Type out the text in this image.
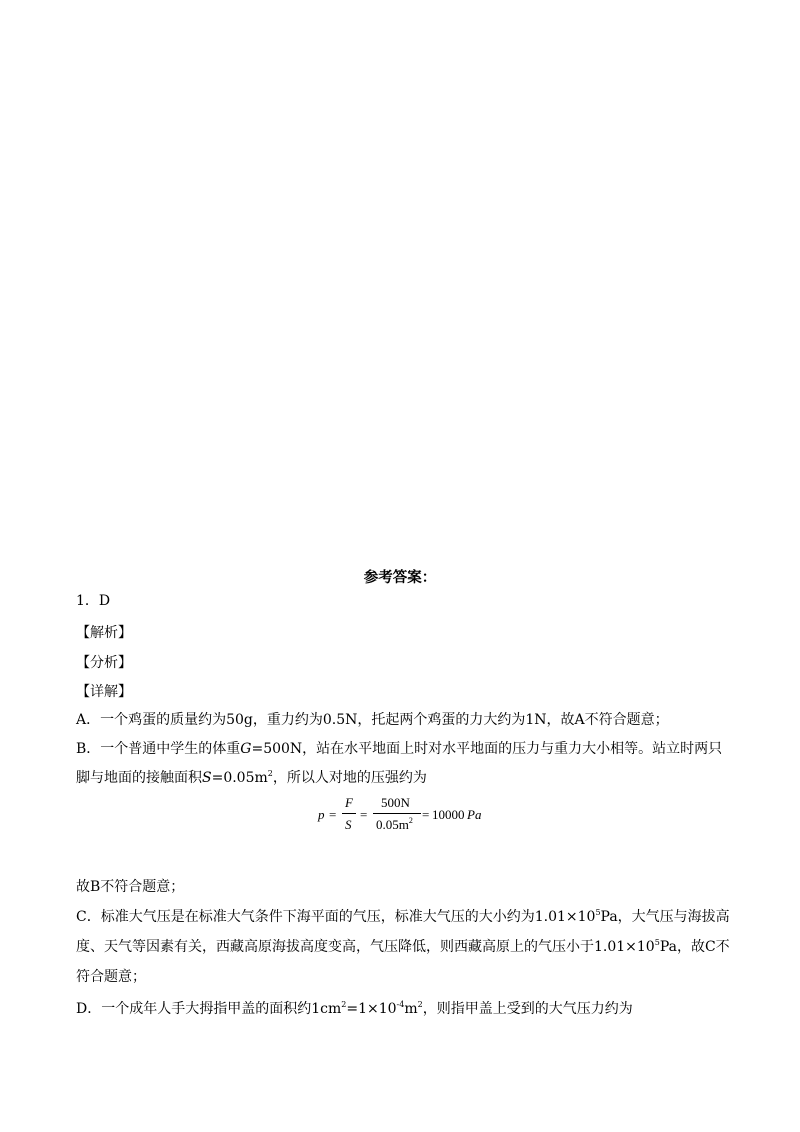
参考答案：
1．D
【解析】
【分析】
【详解】
A．一个鸡蛋的质量约为50g，重力约为0.5N，托起两个鸡蛋的力大约为1N，故A不符合题意；
B．一个普通中学生的体重G=500N，站在水平地面上时对水平地面的压力与重力大小相等。站立时两只
脚与地面的接触面积$S=0.05m^2$，所以人对地的压强约为
p =
F
S
=
500N
$0.05m^2 = 10000$ Pa
故B不符合题意；
C．标准大气压是在标准大气条件下海平面的气压，标准大气压的大小约为$1.01\times 10^5Pa$，大气压与海拔高
度、天气等因素有关，西藏高原海拔高度变高，气压降低，则西藏高原上的气压小于$1.01\times 10^5Pa$，故C不
符合题意；
D．一个成年人手大拇指甲盖的面积约$1cm^2=1\times 10^{-4}m^2$，则指甲盖上受到的大气压力约为
